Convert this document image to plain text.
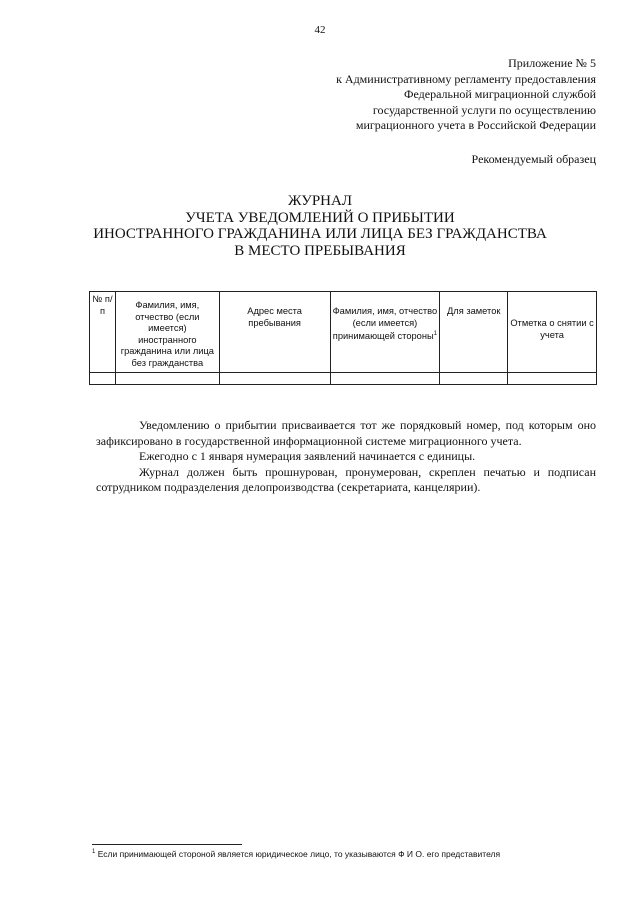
42
Приложение № 5
к Административному регламенту предоставления
Федеральной миграционной службой
государственной услуги по осуществлению
миграционного учета в Российской Федерации
Рекомендуемый образец
ЖУРНАЛ
УЧЕТА УВЕДОМЛЕНИЙ О ПРИБЫТИИ
ИНОСТРАННОГО ГРАЖДАНИНА ИЛИ ЛИЦА БЕЗ ГРАЖДАНСТВА
В МЕСТО ПРЕБЫВАНИЯ
№ п/п	Фамилия, имя, отчество (если имеется) иностранного гражданина или лица без гражданства	Адрес места пребывания	Фамилия, имя, отчество (если имеется) принимающей стороны$^1$	Для заметок	Отметка о снятии с учета

Уведомлению о прибытии присваивается тот же порядковый номер, под которым оно зафиксировано в государственной информационной системе миграционного учета.

Ежегодно с 1 января нумерация заявлений начинается с единицы.

Журнал должен быть прошнурован, пронумерован, скреплен печатью и подписан сотрудником подразделения делопроизводства (секретариата, канцелярии).

$^1$ Если принимающей стороной является юридическое лицо, то указываются Ф И О. его представителя
